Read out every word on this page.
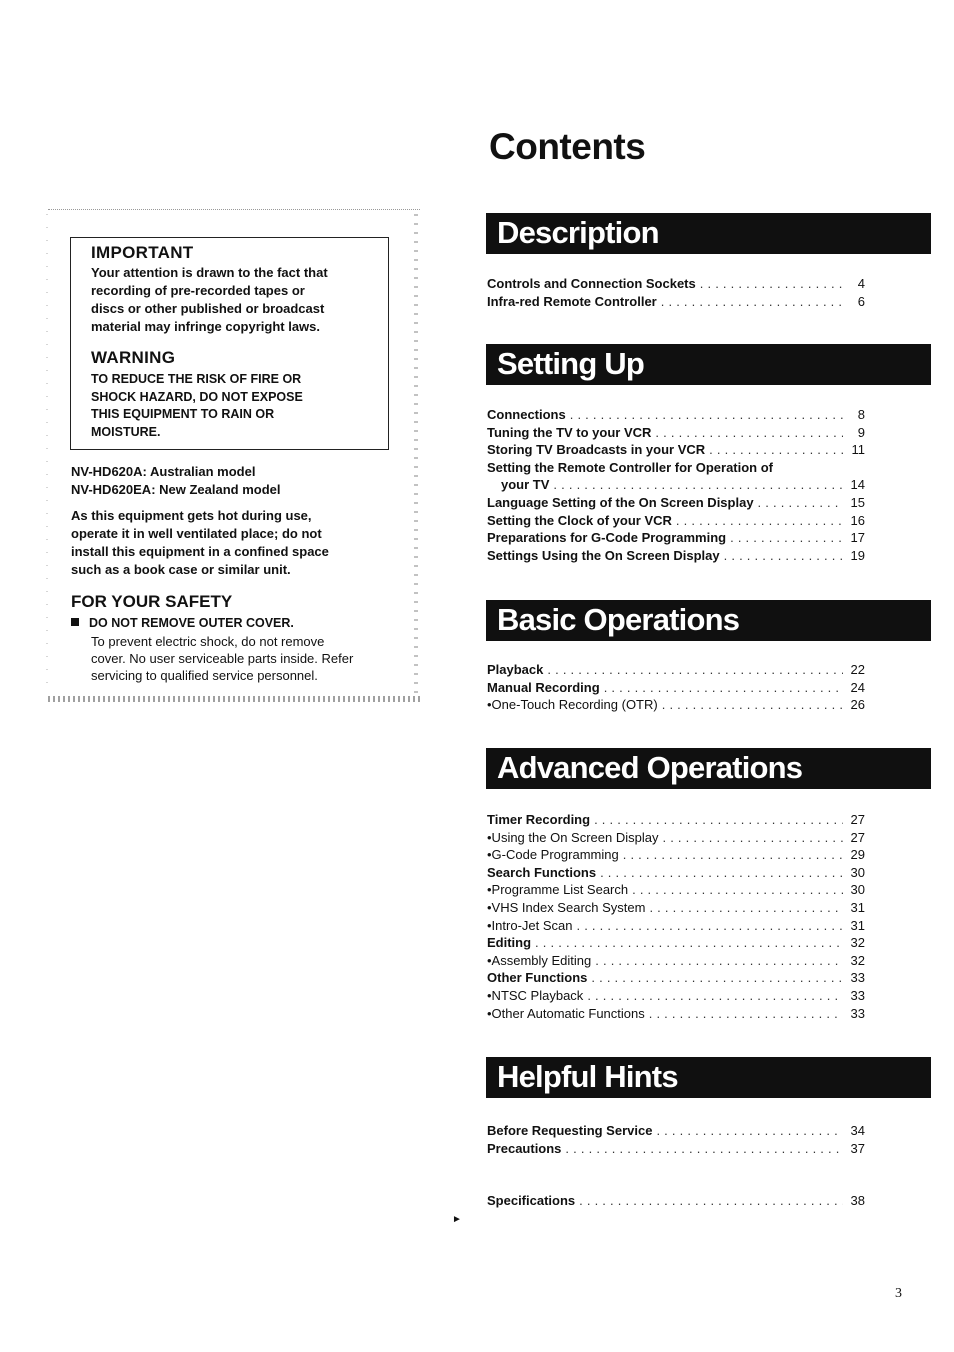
Contents
IMPORTANT
Your attention is drawn to the fact that
recording of pre-recorded tapes or
discs or other published or broadcast
material may infringe copyright laws.
WARNING
TO REDUCE THE RISK OF FIRE OR
SHOCK HAZARD, DO NOT EXPOSE
THIS EQUIPMENT TO RAIN OR
MOISTURE.
NV-HD620A: Australian model
NV-HD620EA: New Zealand model
As this equipment gets hot during use,
operate it in well ventilated place; do not
install this equipment in a confined space
such as a book case or similar unit.
FOR YOUR SAFETY
DO NOT REMOVE OUTER COVER.
To prevent electric shock, do not remove
cover. No user serviceable parts inside. Refer
servicing to qualified service personnel.
Description
Controls and Connection Sockets . . .	4
Infra-red Remote Controller . . .	6
Setting Up
Connections . . .	8
Tuning the TV to your VCR . . .	9
Storing TV Broadcasts in your VCR . . .	11
Setting the Remote Controller for Operation of
your TV . . .	14
Language Setting of the On Screen Display . . .	15
Setting the Clock of your VCR . . .	16
Preparations for G-Code Programming . . .	17
Settings Using the On Screen Display . . .	19
Basic Operations
Playback . . .	22
Manual Recording . . .	24
•One-Touch Recording (OTR) . . .	26
Advanced Operations
Timer Recording . . .	27
•Using the On Screen Display . . .	27
•G-Code Programming . . .	29
Search Functions . . .	30
•Programme List Search . . .	30
•VHS Index Search System . . .	31
•Intro-Jet Scan . . .	31
Editing . . .	32
•Assembly Editing . . .	32
Other Functions . . .	33
•NTSC Playback . . .	33
•Other Automatic Functions . . .	33
Helpful Hints
Before Requesting Service . . .	34
Precautions . . .	37
Specifications . . .	38
►
3
